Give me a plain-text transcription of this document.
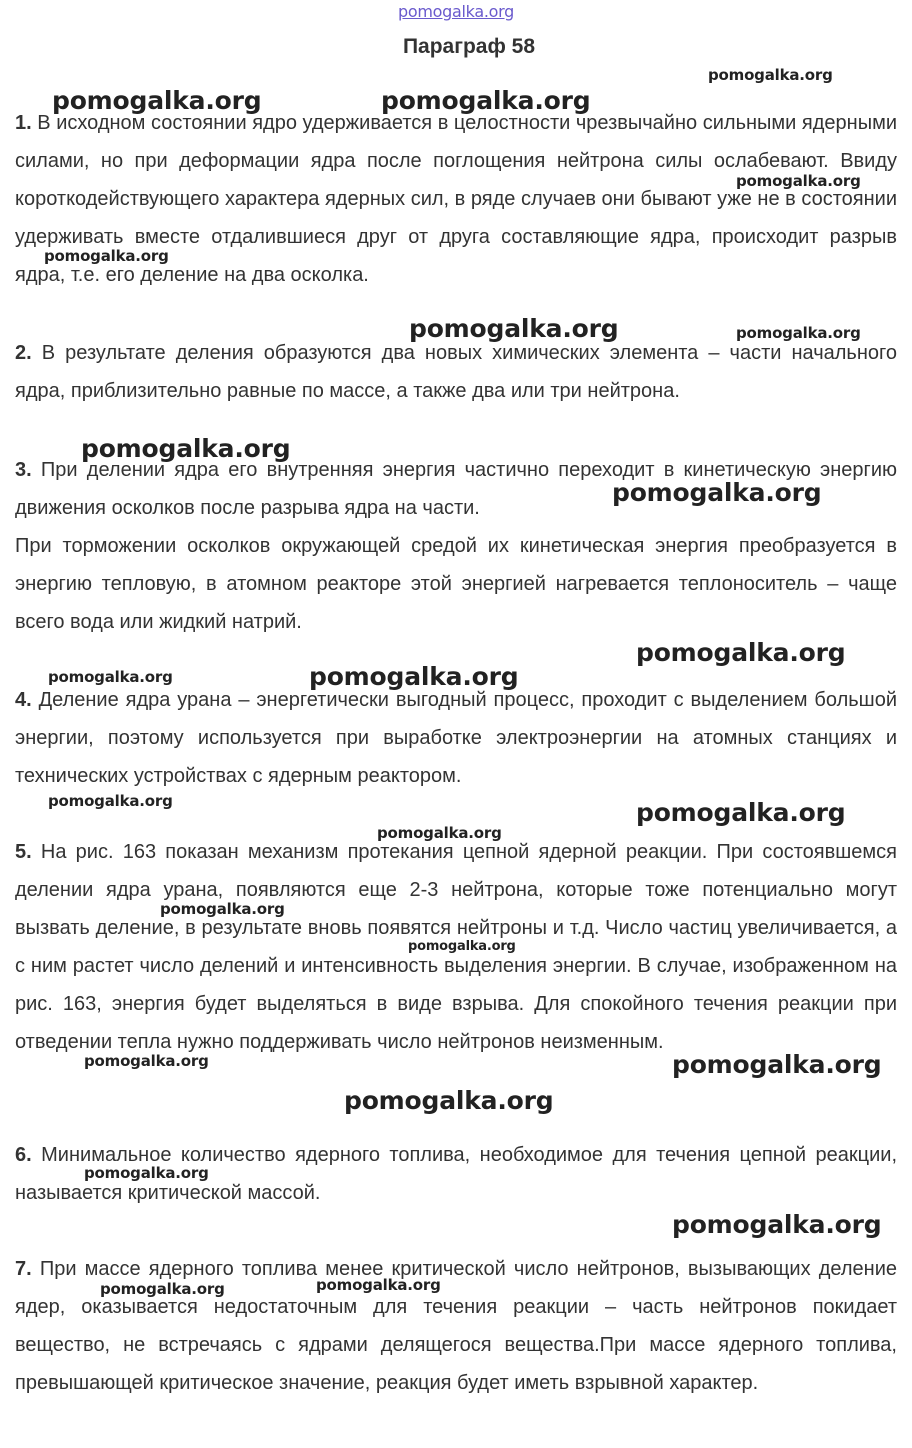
pomogalka.org
Параграф 58

1. В исходном состоянии ядро удерживается в целостности чрезвычайно сильными ядерными силами, но при деформации ядра после поглощения нейтрона силы ослабевают. Ввиду короткодействующего характера ядерных сил, в ряде случаев они бывают уже не в состоянии удерживать вместе отдалившиеся друг от друга составляющие ядра, происходит разрыв ядра, т.е. его деление на два осколка.

2. В результате деления образуются два новых химических элемента – части начального ядра, приблизительно равные по массе, а также два или три нейтрона.

3. При делении ядра его внутренняя энергия частично переходит в кинетическую энергию движения осколков после разрыва ядра на части.

При торможении осколков окружающей средой их кинетическая энергия преобразуется в энергию тепловую, в атомном реакторе этой энергией нагревается теплоноситель – чаще всего вода или жидкий натрий.

4. Деление ядра урана – энергетически выгодный процесс, проходит с выделением большой энергии, поэтому используется при выработке электроэнергии на атомных станциях и технических устройствах с ядерным реактором.

5. На рис. 163 показан механизм протекания цепной ядерной реакции. При состоявшемся делении ядра урана, появляются еще 2-3 нейтрона, которые тоже потенциально могут вызвать деление, в результате вновь появятся нейтроны и т.д. Число частиц увеличивается, а с ним растет число делений и интенсивность выделения энергии. В случае, изображенном на рис. 163, энергия будет выделяться в виде взрыва. Для спокойного течения реакции при отведении тепла нужно поддерживать число нейтронов неизменным.

6. Минимальное количество ядерного топлива, необходимое для течения цепной реакции, называется критической массой.

7. При массе ядерного топлива менее критической число нейтронов, вызывающих деление ядер, оказывается недостаточным для течения реакции – часть нейтронов покидает вещество, не встречаясь с ядрами делящегося вещества.При массе ядерного топлива, превышающей критическое значение, реакция будет иметь взрывной характер.

pomogalka.org
pomogalka.org	pomogalka.org
pomogalka.org
pomogalka.org
pomogalka.org	pomogalka.org
pomogalka.org
pomogalka.org
pomogalka.org
pomogalka.org	pomogalka.org
pomogalka.org	pomogalka.org
pomogalka.org
pomogalka.org
pomogalka.org
pomogalka.org	pomogalka.org
pomogalka.org
pomogalka.org
pomogalka.org
pomogalka.org	pomogalka.org
